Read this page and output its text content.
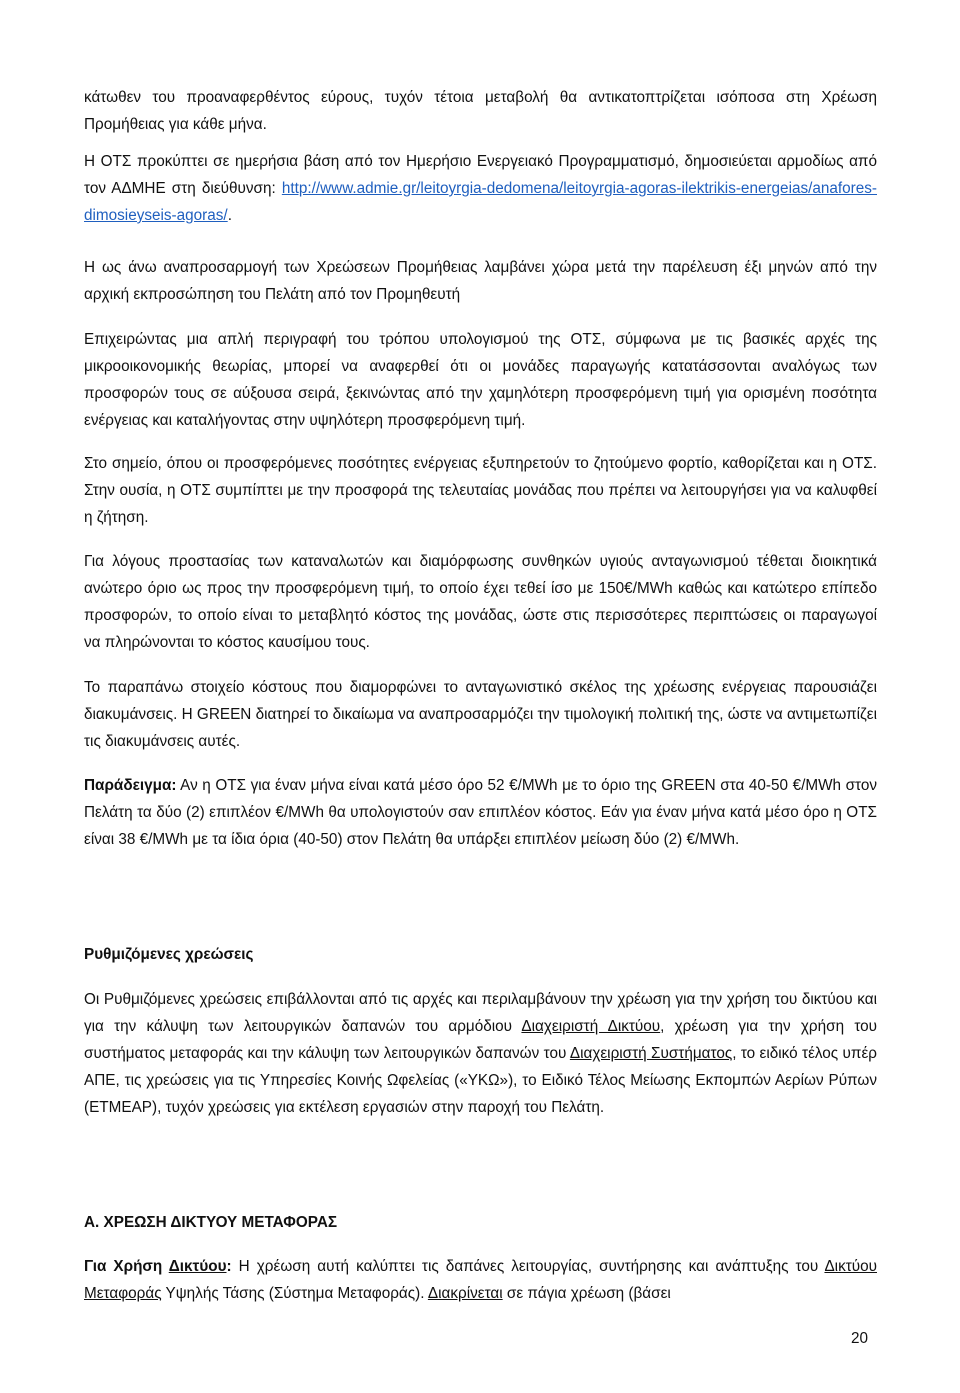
κάτωθεν του προαναφερθέντος εύρους, τυχόν τέτοια μεταβολή θα αντικατοπτρίζεται ισόποσα στη Χρέωση Προμήθειας για κάθε μήνα.

Η ΟΤΣ προκύπτει σε ημερήσια βάση από τον Ημερήσιο Ενεργειακό Προγραμματισμό, δημοσιεύεται αρμοδίως από τον ΑΔΜΗΕ στη διεύθυνση: http://www.admie.gr/leitoyrgia-dedomena/leitoyrgia-agoras-ilektrikis-energeias/anafores-dimosieyseis-agoras/.

Η ως άνω αναπροσαρμογή των Χρεώσεων Προμήθειας λαμβάνει χώρα μετά την παρέλευση έξι μηνών από την αρχική εκπροσώπηση του Πελάτη από τον Προμηθευτή

Επιχειρώντας μια απλή περιγραφή του τρόπου υπολογισμού της ΟΤΣ, σύμφωνα με τις βασικές αρχές της μικροοικονομικής θεωρίας, μπορεί να αναφερθεί ότι οι μονάδες παραγωγής κατατάσσονται αναλόγως των προσφορών τους σε αύξουσα σειρά, ξεκινώντας από την χαμηλότερη προσφερόμενη τιμή για ορισμένη ποσότητα ενέργειας και καταλήγοντας στην υψηλότερη προσφερόμενη τιμή.

Στο σημείο, όπου οι προσφερόμενες ποσότητες ενέργειας εξυπηρετούν το ζητούμενο φορτίο, καθορίζεται και η ΟΤΣ. Στην ουσία, η ΟΤΣ συμπίπτει με την προσφορά της τελευταίας μονάδας που πρέπει να λειτουργήσει για να καλυφθεί η ζήτηση.

Για λόγους προστασίας των καταναλωτών και διαμόρφωσης συνθηκών υγιούς ανταγωνισμού τέθεται διοικητικά ανώτερο όριο ως προς την προσφερόμενη τιμή, το οποίο έχει τεθεί ίσο με 150€/MWh καθώς και κατώτερο επίπεδο προσφορών, το οποίο είναι το μεταβλητό κόστος της μονάδας, ώστε στις περισσότερες περιπτώσεις οι παραγωγοί να πληρώνονται το κόστος καυσίμου τους.

Το παραπάνω στοιχείο κόστους που διαμορφώνει το ανταγωνιστικό σκέλος της χρέωσης ενέργειας παρουσιάζει διακυμάνσεις. Η GREEN διατηρεί το δικαίωμα να αναπροσαρμόζει την τιμολογική πολιτική της, ώστε να αντιμετωπίζει τις διακυμάνσεις αυτές.

Παράδειγμα: Αν η ΟΤΣ για έναν μήνα είναι κατά μέσο όρο 52 €/MWh με το όριο της GREEN στα 40-50 €/MWh στον Πελάτη τα δύο (2) επιπλέον €/MWh θα υπολογιστούν σαν επιπλέον κόστος. Εάν για έναν μήνα κατά μέσο όρο η ΟΤΣ είναι 38 €/MWh με τα ίδια όρια (40-50) στον Πελάτη θα υπάρξει επιπλέον μείωση δύο (2) €/MWh.

Ρυθμιζόμενες χρεώσεις

Οι Ρυθμιζόμενες χρεώσεις επιβάλλονται από τις αρχές και περιλαμβάνουν την χρέωση για την χρήση του δικτύου και για την κάλυψη των λειτουργικών δαπανών του αρμόδιου Διαχειριστή Δικτύου, χρέωση για την χρήση του συστήματος μεταφοράς και την κάλυψη των λειτουργικών δαπανών του Διαχειριστή Συστήματος, το ειδικό τέλος υπέρ ΑΠΕ, τις χρεώσεις για τις Υπηρεσίες Κοινής Ωφελείας («ΥΚΩ»), το Ειδικό Τέλος Μείωσης Εκπομπών Αερίων Ρύπων (ΕΤΜΕΑΡ), τυχόν χρεώσεις για εκτέλεση εργασιών στην παροχή του Πελάτη.

Α. ΧΡΕΩΣΗ ΔΙΚΤΥΟΥ ΜΕΤΑΦΟΡΑΣ

Για Χρήση Δικτύου: Η χρέωση αυτή καλύπτει τις δαπάνες λειτουργίας, συντήρησης και ανάπτυξης του Δικτύου Μεταφοράς Υψηλής Τάσης (Σύστημα Μεταφοράς). Διακρίνεται σε πάγια χρέωση (βάσει

20
